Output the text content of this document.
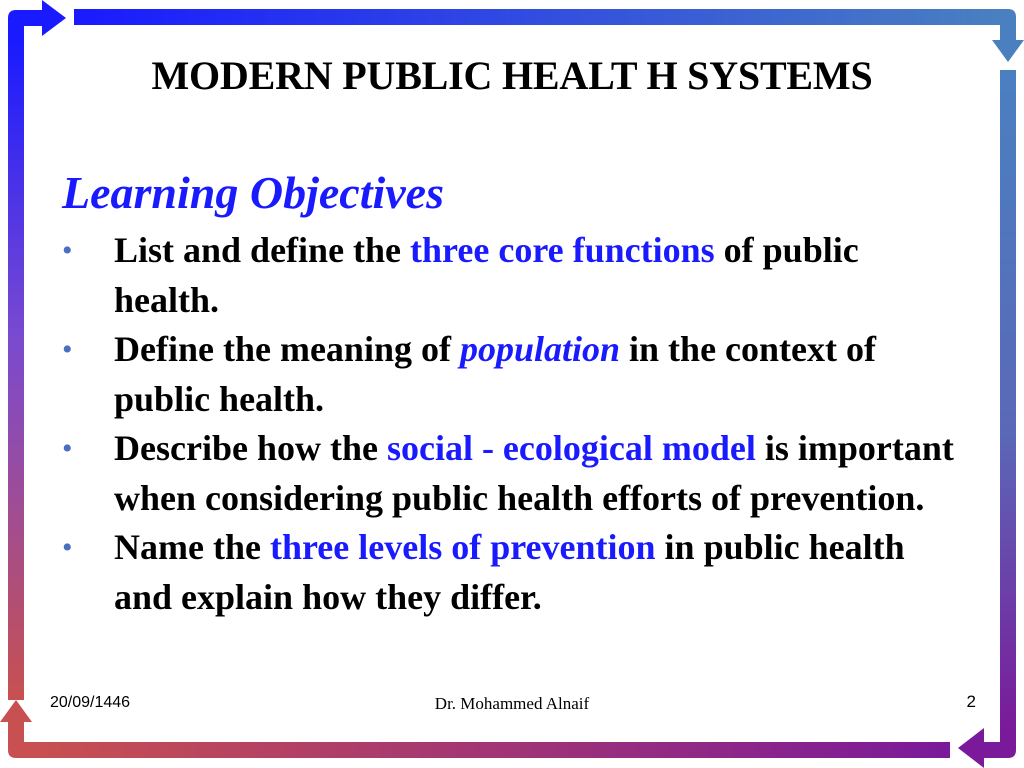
MODERN PUBLIC HEALT H SYSTEMS
Learning Objectives
• List and define the three core functions of public health.
• Define the meaning of population in the context of public health.
• Describe how the social - ecological model is important when considering public health efforts of prevention.
• Name the three levels of prevention in public health and explain how they differ.
20/09/1446	Dr. Mohammed Alnaif	2
